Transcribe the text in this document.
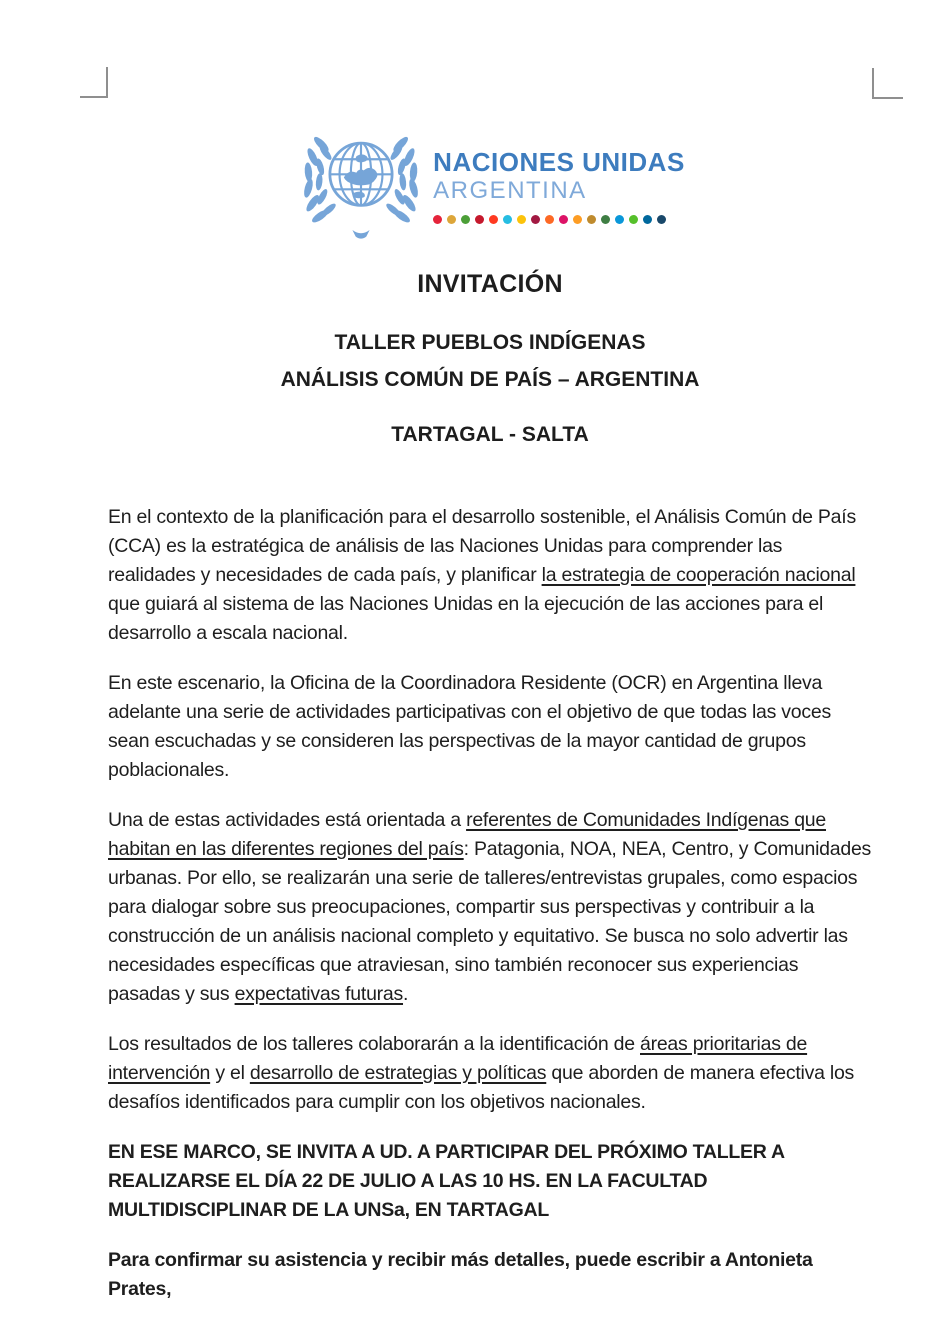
NACIONES UNIDAS
ARGENTINA
INVITACIÓN
TALLER PUEBLOS INDÍGENAS
ANÁLISIS COMÚN DE PAÍS – ARGENTINA
TARTAGAL - SALTA

En el contexto de la planificación para el desarrollo sostenible, el Análisis Común de País (CCA) es la estratégica de análisis de las Naciones Unidas para comprender las realidades y necesidades de cada país, y planificar la estrategia de cooperación nacional que guiará al sistema de las Naciones Unidas en la ejecución de las acciones para el desarrollo a escala nacional.

En este escenario, la Oficina de la Coordinadora Residente (OCR) en Argentina lleva adelante una serie de actividades participativas con el objetivo de que todas las voces sean escuchadas y se consideren las perspectivas de la mayor cantidad de grupos poblacionales.

Una de estas actividades está orientada a referentes de Comunidades Indígenas que habitan en las diferentes regiones del país: Patagonia, NOA, NEA, Centro, y Comunidades urbanas. Por ello, se realizarán una serie de talleres/entrevistas grupales, como espacios para dialogar sobre sus preocupaciones, compartir sus perspectivas y contribuir a la construcción de un análisis nacional completo y equitativo. Se busca no solo advertir las necesidades específicas que atraviesan, sino también reconocer sus experiencias pasadas y sus expectativas futuras.

Los resultados de los talleres colaborarán a la identificación de áreas prioritarias de intervención y el desarrollo de estrategias y políticas que aborden de manera efectiva los desafíos identificados para cumplir con los objetivos nacionales.

EN ESE MARCO, SE INVITA A UD. A PARTICIPAR DEL PRÓXIMO TALLER A REALIZARSE EL DÍA 22 DE JULIO A LAS 10 HS. EN LA FACULTAD MULTIDISCIPLINAR DE LA UNSa, EN TARTAGAL

Para confirmar su asistencia y recibir más detalles, puede escribir a Antonieta Prates,
